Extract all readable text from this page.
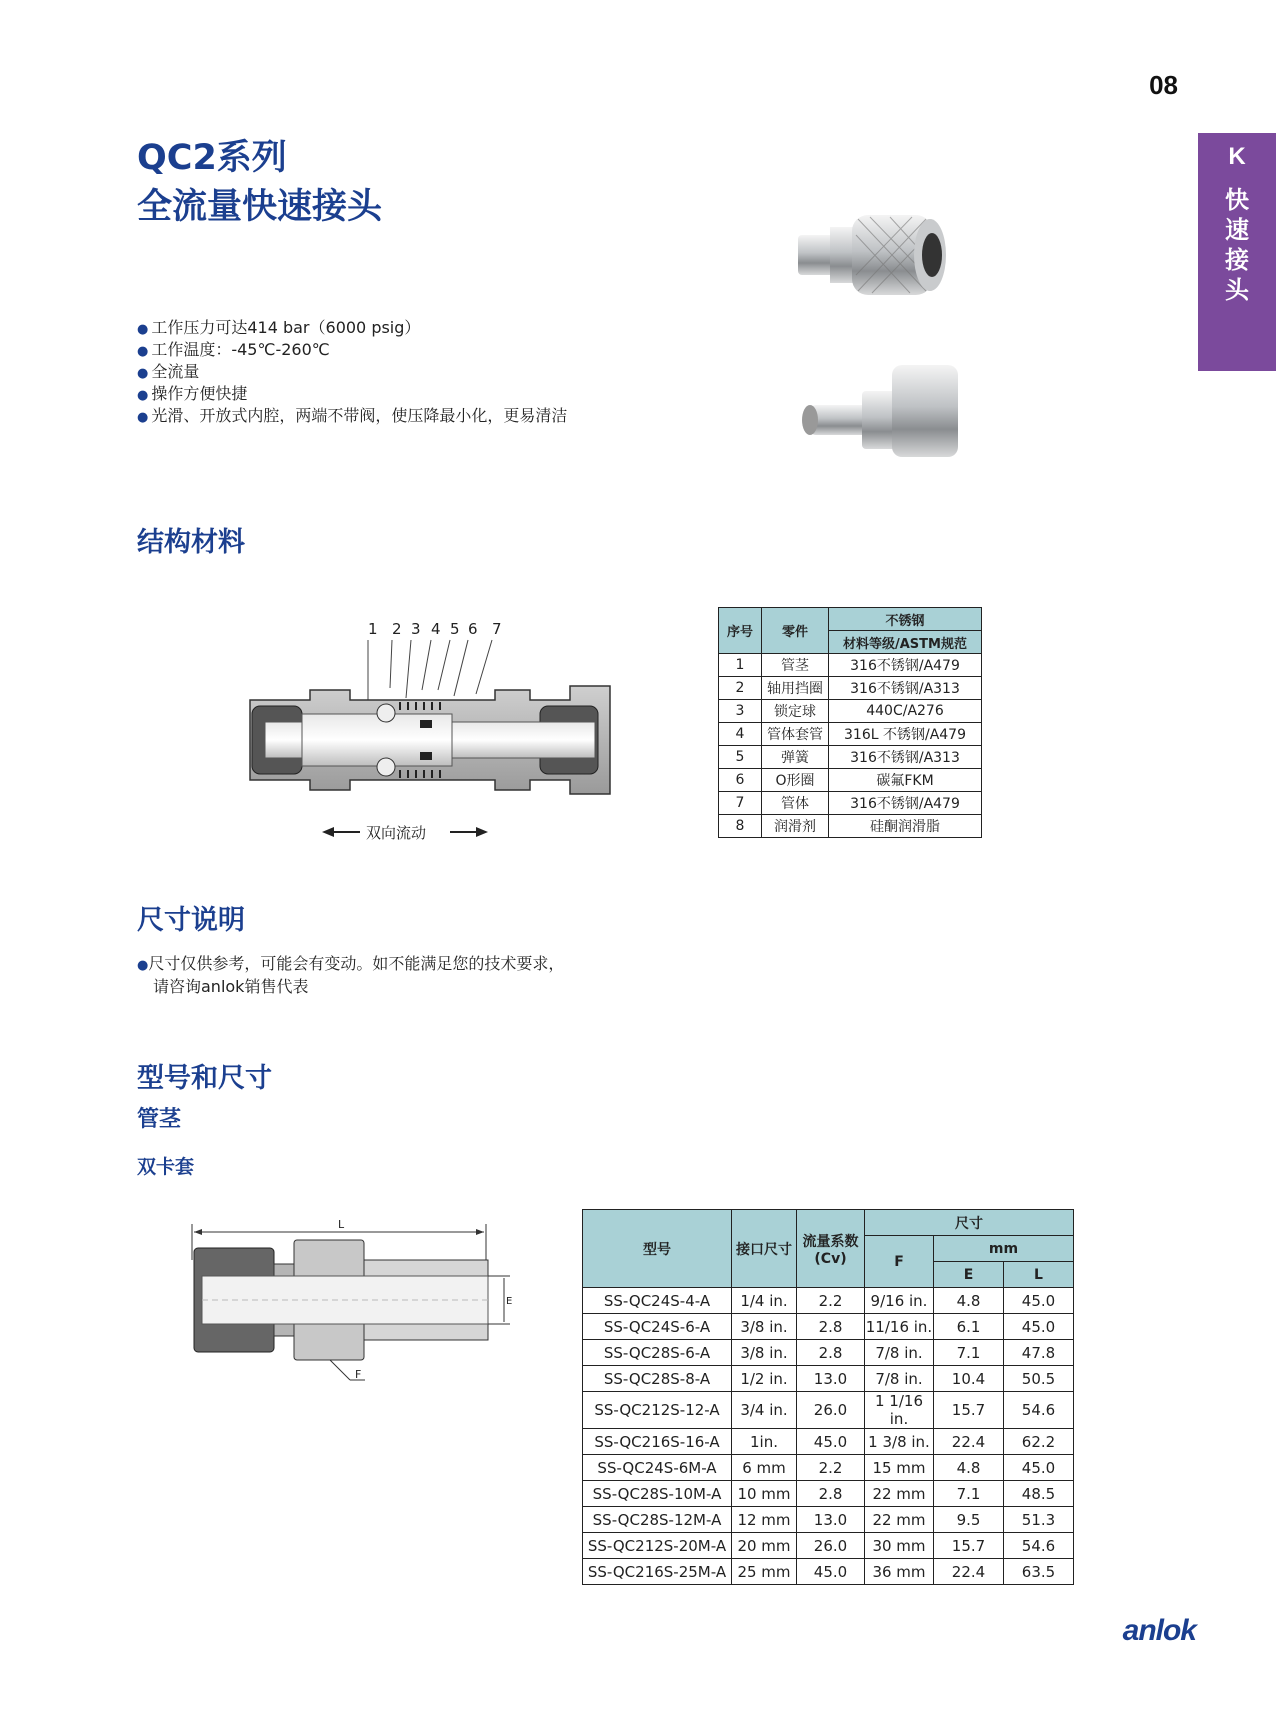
08
K
快
速
接
头
QC2系列
全流量快速接头
● 工作压力可达414 bar（6000 psig）
● 工作温度：-45℃-260℃
● 全流量
● 操作方便快捷
● 光滑、开放式内腔，两端不带阀，使压降最小化，更易清洁
结构材料
1 2 3 4 5 6 7
双向流动
序号	零件	不锈钢
		材料等级/ASTM规范
1	管茎	316不锈钢/A479
2	轴用挡圈	316不锈钢/A313
3	锁定球	440C/A276
4	管体套管	316L 不锈钢/A479
5	弹簧	316不锈钢/A313
6	O形圈	碳氟FKM
7	管体	316不锈钢/A479
8	润滑剂	硅酮润滑脂
尺寸说明
●尺寸仅供参考，可能会有变动。如不能满足您的技术要求，
请咨询anlok销售代表
型号和尺寸
管茎
双卡套
L
E
F
型号	接口尺寸	流量系数
(Cv)	尺寸		
			F	mm	
				E	L
SS-QC24S-4-A	1/4 in.	2.2	9/16 in.	4.8	45.0
SS-QC24S-6-A	3/8 in.	2.8	11/16 in.	6.1	45.0
SS-QC28S-6-A	3/8 in.	2.8	7/8 in.	7.1	47.8
SS-QC28S-8-A	1/2 in.	13.0	7/8 in.	10.4	50.5
SS-QC212S-12-A	3/4 in.	26.0	1 1/16 in.	15.7	54.6
SS-QC216S-16-A	1in.	45.0	1 3/8 in.	22.4	62.2
SS-QC24S-6M-A	6 mm	2.2	15 mm	4.8	45.0
SS-QC28S-10M-A	10 mm	2.8	22 mm	7.1	48.5
SS-QC28S-12M-A	12 mm	13.0	22 mm	9.5	51.3
SS-QC212S-20M-A	20 mm	26.0	30 mm	15.7	54.6
SS-QC216S-25M-A	25 mm	45.0	36 mm	22.4	63.5
anlok
